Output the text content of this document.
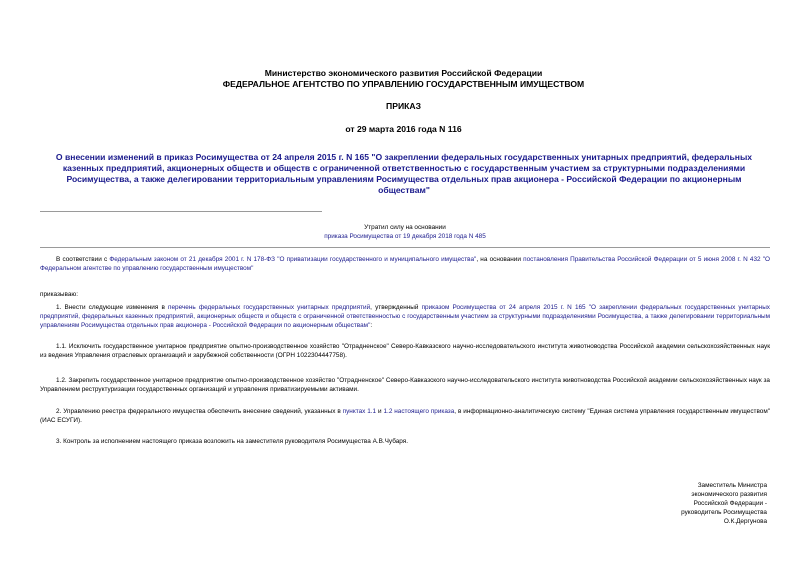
Министерство экономического развития Российской Федерации
ФЕДЕРАЛЬНОЕ АГЕНТСТВО ПО УПРАВЛЕНИЮ ГОСУДАРСТВЕННЫМ ИМУЩЕСТВОМ
ПРИКАЗ
от 29 марта 2016 года N 116
О внесении изменений в приказ Росимущества от 24 апреля 2015 г. N 165 "О закреплении федеральных государственных унитарных предприятий, федеральных казенных предприятий, акционерных обществ и обществ с ограниченной ответственностью с государственным участием за структурными подразделениями Росимущества, а также делегировании территориальным управлениям Росимущества отдельных прав акционера - Российской Федерации по акционерным обществам"
Утратил силу на основании
приказа Росимущества от 19 декабря 2018 года N 485
В соответствии с Федеральным законом от 21 декабря 2001 г. N 178-ФЗ "О приватизации государственного и муниципального имущества", на основании постановления Правительства Российской Федерации от 5 июня 2008 г. N 432 "О Федеральном агентстве по управлению государственным имуществом"
приказываю:
1. Внести следующие изменения в перечень федеральных государственных унитарных предприятий, утвержденный приказом Росимущества от 24 апреля 2015 г. N 165 "О закреплении федеральных государственных унитарных предприятий, федеральных казенных предприятий, акционерных обществ и обществ с ограниченной ответственностью с государственным участием за структурными подразделениями Росимущества, а также делегировании территориальным управлениям Росимущества отдельных прав акционера - Российской Федерации по акционерным обществам":
1.1. Исключить государственное унитарное предприятие опытно-производственное хозяйство "Отрадненское" Северо-Кавказского научно-исследовательского института животноводства Российской академии сельскохозяйственных наук из ведения Управления отраслевых организаций и зарубежной собственности (ОГРН 1022304447758).
1.2. Закрепить государственное унитарное предприятие опытно-производственное хозяйство "Отрадненское" Северо-Кавказского научно-исследовательского института животноводства Российской академии сельскохозяйственных наук за Управлением реструктуризации государственных организаций и управления приватизируемыми активами.
2. Управлению реестра федерального имущества обеспечить внесение сведений, указанных в пунктах 1.1 и 1.2 настоящего приказа, в информационно-аналитическую систему "Единая система управления государственным имуществом" (ИАС ЕСУГИ).
3. Контроль за исполнением настоящего приказа возложить на заместителя руководителя Росимущества А.В.Чубаря.
Заместитель Министра
экономического развития
Российской Федерации -
руководитель Росимущества
О.К.Дергунова
